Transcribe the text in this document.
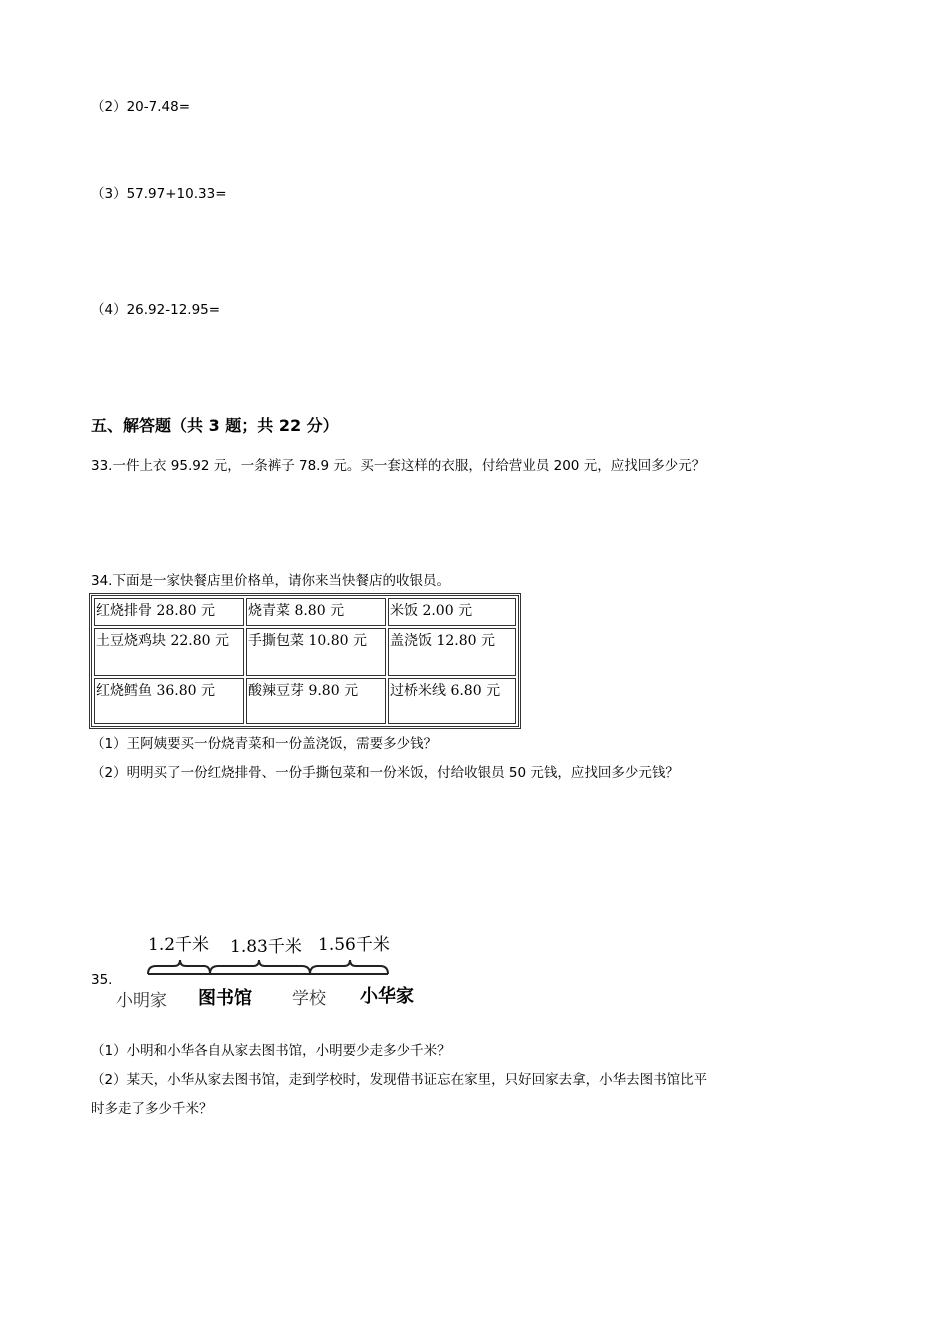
（2）20-7.48=
（3）57.97+10.33=
（4）26.92-12.95=
五、解答题（共 3 题；共 22 分）
33.一件上衣 95.92 元，一条裤子 78.9 元。买一套这样的衣服，付给营业员 200 元，应找回多少元？
34.下面是一家快餐店里价格单，请你来当快餐店的收银员。
红烧排骨 28.80 元	烧青菜 8.80 元	米饭 2.00 元
土豆烧鸡块 22.80 元	手撕包菜 10.80 元	盖浇饭 12.80 元
红烧鳕鱼 36.80 元	酸辣豆芽 9.80 元	过桥米线 6.80 元
（1）王阿姨要买一份烧青菜和一份盖浇饭，需要多少钱？
（2）明明买了一份红烧排骨、一份手撕包菜和一份米饭，付给收银员 50 元钱，应找回多少元钱？
35.
1.2千米 1.83千米 1.56千米
小明家 图书馆 学校 小华家
（1）小明和小华各自从家去图书馆，小明要少走多少千米？
（2）某天，小华从家去图书馆，走到学校时，发现借书证忘在家里，只好回家去拿，小华去图书馆比平
时多走了多少千米？
